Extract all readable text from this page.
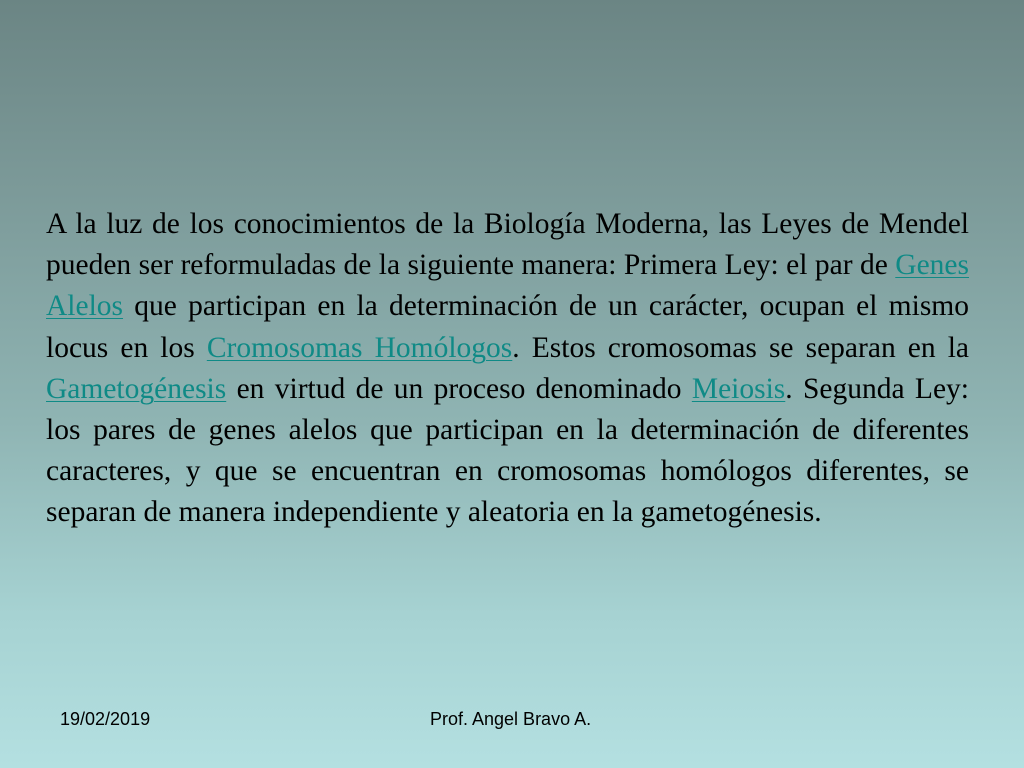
A la luz de los conocimientos de la Biología Moderna, las Leyes de Mendel pueden ser reformuladas de la siguiente manera: Primera Ley: el par de Genes Alelos que participan en la determinación de un carácter, ocupan el mismo locus en los Cromosomas Homólogos. Estos cromosomas se separan en la Gametogénesis en virtud de un proceso denominado Meiosis. Segunda Ley: los pares de genes alelos que participan en la determinación de diferentes caracteres, y que se encuentran en cromosomas homólogos diferentes, se separan de manera independiente y aleatoria en la gametogénesis.

19/02/2019	Prof. Angel Bravo A.
